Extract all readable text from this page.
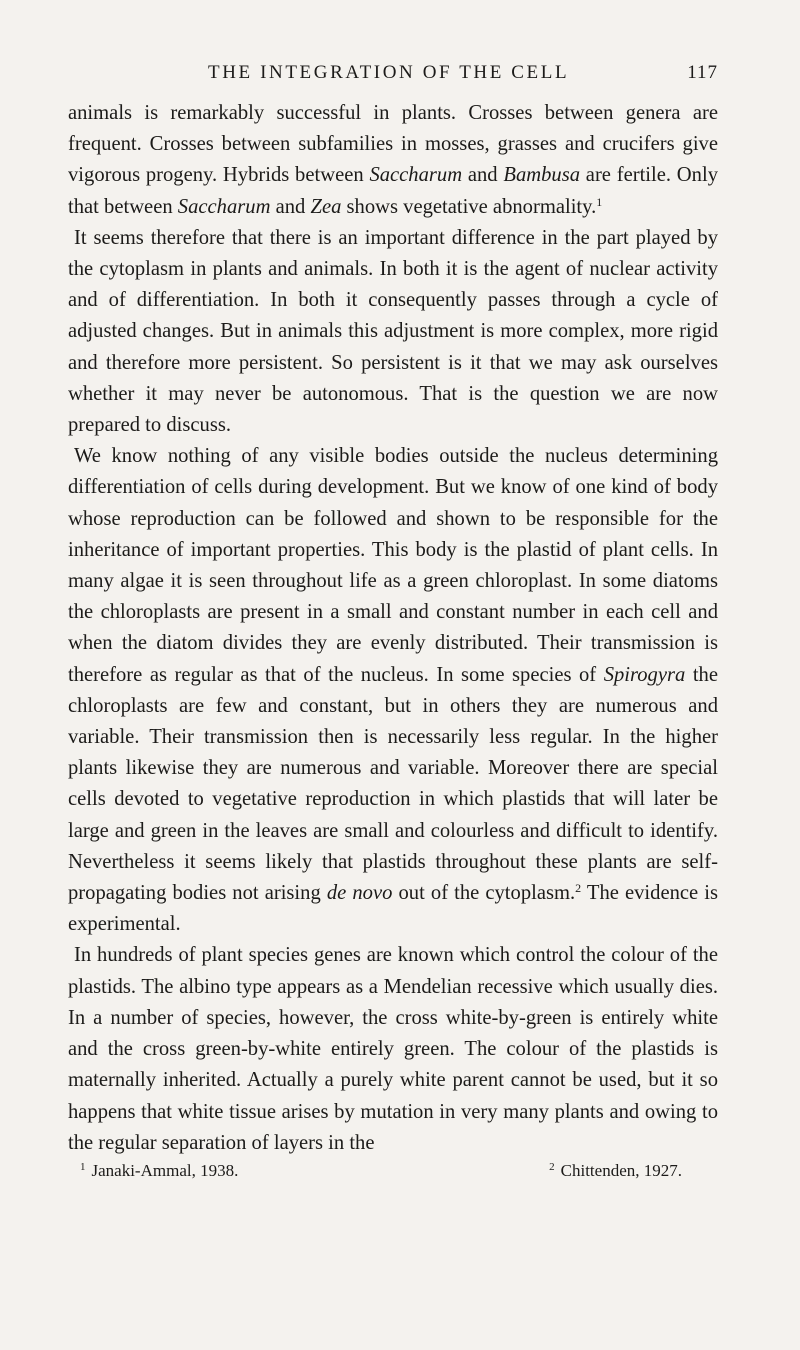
THE INTEGRATION OF THE CELL	117

animals is remarkably successful in plants. Crosses between genera are frequent. Crosses between subfamilies in mosses, grasses and crucifers give vigorous progeny. Hybrids between Saccharum and Bambusa are fertile. Only that between Saccharum and Zea shows vegetative abnormality.$^1$

It seems therefore that there is an important difference in the part played by the cytoplasm in plants and animals. In both it is the agent of nuclear activity and of differentiation. In both it consequently passes through a cycle of adjusted changes. But in animals this adjustment is more complex, more rigid and therefore more persistent. So persistent is it that we may ask ourselves whether it may never be autonomous. That is the question we are now prepared to discuss.

We know nothing of any visible bodies outside the nucleus determining differentiation of cells during development. But we know of one kind of body whose reproduction can be followed and shown to be responsible for the inheritance of important properties. This body is the plastid of plant cells. In many algae it is seen throughout life as a green chloroplast. In some diatoms the chloroplasts are present in a small and constant number in each cell and when the diatom divides they are evenly distributed. Their transmission is therefore as regular as that of the nucleus. In some species of Spirogyra the chloroplasts are few and constant, but in others they are numerous and variable. Their transmission then is necessarily less regular. In the higher plants likewise they are numerous and variable. Moreover there are special cells devoted to vegetative reproduction in which plastids that will later be large and green in the leaves are small and colourless and difficult to identify. Nevertheless it seems likely that plastids throughout these plants are self-propagating bodies not arising de novo out of the cytoplasm.$^2$ The evidence is experimental.

In hundreds of plant species genes are known which control the colour of the plastids. The albino type appears as a Mendelian recessive which usually dies. In a number of species, however, the cross white-by-green is entirely white and the cross green-by-white entirely green. The colour of the plastids is maternally inherited. Actually a purely white parent cannot be used, but it so happens that white tissue arises by mutation in very many plants and owing to the regular separation of layers in the

$^1$ Janaki-Ammal, 1938.	$^2$ Chittenden, 1927.
